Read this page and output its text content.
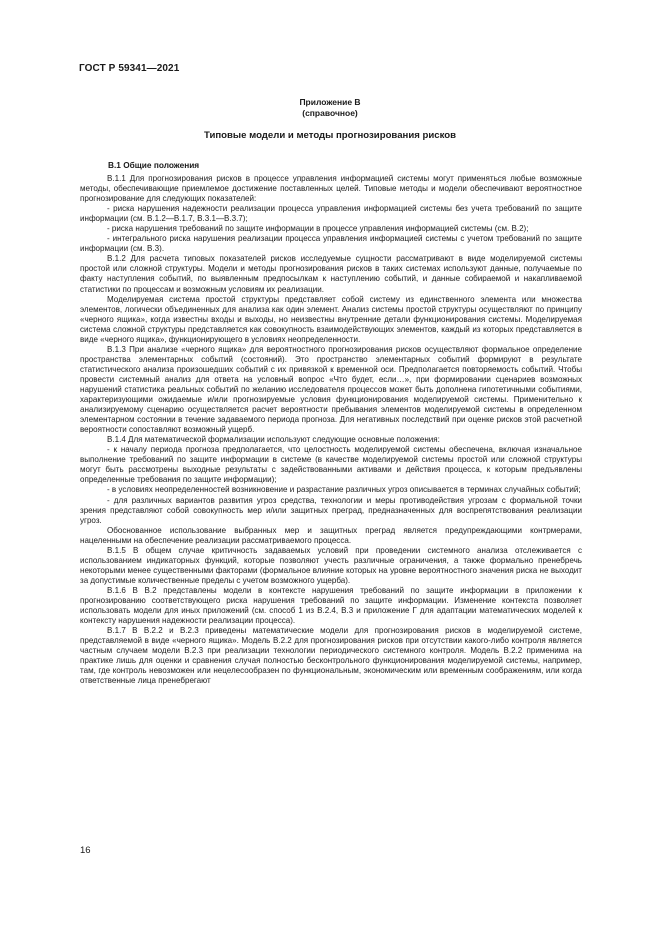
ГОСТ Р 59341—2021
Приложение В
(справочное)
Типовые модели и методы прогнозирования рисков
В.1 Общие положения

В.1.1 Для прогнозирования рисков в процессе управления информацией системы могут применяться любые возможные методы, обеспечивающие приемлемое достижение поставленных целей. Типовые методы и модели обеспечивают вероятностное прогнозирование для следующих показателей:

- риска нарушения надежности реализации процесса управления информацией системы без учета требований по защите информации (см. В.1.2—В.1.7, В.3.1—В.3.7);

- риска нарушения требований по защите информации в процессе управления информацией системы (см. В.2);

- интегрального риска нарушения реализации процесса управления информацией системы с учетом требований по защите информации (см. В.3).

В.1.2 Для расчета типовых показателей рисков исследуемые сущности рассматривают в виде моделируемой системы простой или сложной структуры. Модели и методы прогнозирования рисков в таких системах используют данные, получаемые по факту наступления событий, по выявленным предпосылкам к наступлению событий, и данные собираемой и накапливаемой статистики по процессам и возможным условиям их реализации.

Моделируемая система простой структуры представляет собой систему из единственного элемента или множества элементов, логически объединенных для анализа как один элемент. Анализ системы простой структуры осуществляют по принципу «черного ящика», когда известны входы и выходы, но неизвестны внутренние детали функционирования системы. Моделируемая система сложной структуры представляется как совокупность взаимодействующих элементов, каждый из которых представляется в виде «черного ящика», функционирующего в условиях неопределенности.

В.1.3 При анализе «черного ящика» для вероятностного прогнозирования рисков осуществляют формальное определение пространства элементарных событий (состояний). Это пространство элементарных событий формируют в результате статистического анализа произошедших событий с их привязкой к временной оси. Предполагается повторяемость событий. Чтобы провести системный анализ для ответа на условный вопрос «Что будет, если…», при формировании сценариев возможных нарушений статистика реальных событий по желанию исследователя процессов может быть дополнена гипотетичными событиями, характеризующими ожидаемые и/или прогнозируемые условия функционирования моделируемой системы. Применительно к анализируемому сценарию осуществляется расчет вероятности пребывания элементов моделируемой системы в определенном элементарном состоянии в течение задаваемого периода прогноза. Для негативных последствий при оценке рисков этой расчетной вероятности сопоставляют возможный ущерб.

В.1.4 Для математической формализации используют следующие основные положения:

- к началу периода прогноза предполагается, что целостность моделируемой системы обеспечена, включая изначальное выполнение требований по защите информации в системе (в качестве моделируемой системы простой или сложной структуры могут быть рассмотрены выходные результаты с задействованными активами и действия процесса, к которым предъявлены определенные требования по защите информации);

- в условиях неопределенностей возникновение и разрастание различных угроз описывается в терминах случайных событий;

- для различных вариантов развития угроз средства, технологии и меры противодействия угрозам с формальной точки зрения представляют собой совокупность мер и/или защитных преград, предназначенных для воспрепятствования реализации угроз.

Обоснованное использование выбранных мер и защитных преград является предупреждающими контрмерами, нацеленными на обеспечение реализации рассматриваемого процесса.

В.1.5 В общем случае критичность задаваемых условий при проведении системного анализа отслеживается с использованием индикаторных функций, которые позволяют учесть различные ограничения, а также формально пренебречь некоторыми менее существенными факторами (формальное влияние которых на уровне вероятностного значения риска не выходит за допустимые количественные пределы с учетом возможного ущерба).

В.1.6 В В.2 представлены модели в контексте нарушения требований по защите информации в приложении к прогнозированию соответствующего риска нарушения требований по защите информации. Изменение контекста позволяет использовать модели для иных приложений (см. способ 1 из В.2.4, В.3 и приложение Г для адаптации математических моделей к контексту нарушения надежности реализации процесса).

В.1.7 В В.2.2 и В.2.3 приведены математические модели для прогнозирования рисков в моделируемой системе, представляемой в виде «черного ящика». Модель В.2.2 для прогнозирования рисков при отсутствии какого-либо контроля является частным случаем модели В.2.3 при реализации технологии периодического системного контроля. Модель В.2.2 применима на практике лишь для оценки и сравнения случая полностью бесконтрольного функционирования моделируемой системы, например, там, где контроль невозможен или нецелесообразен по функциональным, экономическим или временным соображениям, или когда ответственные лица пренебрегают

16
